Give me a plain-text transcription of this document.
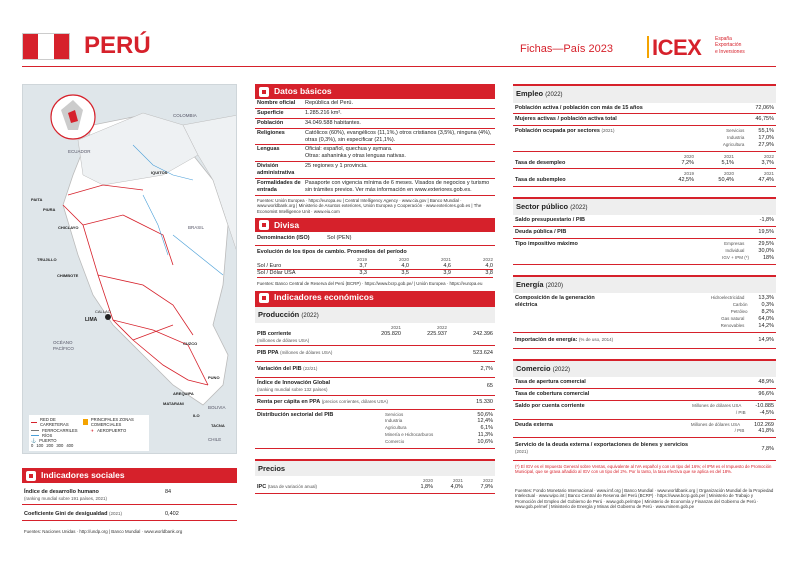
PERÚ	Fichas—País 2023 ICEX	España
Exportación
e Inversiones
COLOMBIA
ECUADOR
BRASIL
OCÉANO
PACÍFICO
BOLIVIA
CHILE
IQUITOS
PAITA
PIURA
CHICLAYO
TRUJILLO
CHIMBOTE
LIMA
CALLAO
CUZCO
AREQUIPA
PUNO
MATARANI
ILO
TACNA
RED DE CARRETERAS
PRINCIPALES ZONAS COMERCIALES
FERROCARRILES	✈ AEROPUERTO
RÍOS
⚓ PUERTO
0 100 200 300 400
Indicadores sociales
Índice de desarrollo humano
(ranking mundial sobre 191 países, 2021)
84
Coeficiente Gini de desigualdad (2021)	0,402
Fuentes: Naciones Unidas · http://undp.org | Banco Mundial · www.worldbank.org
Datos básicos
Nombre oficial	República del Perú.
Superficie	1.285.216 km².
Población	34.049.588 habitantes.
Religiones	Católicos (60%), evangélicos (11,1%,) otros cristianos (3,5%), ninguna (4%), otras (0,3%), sin especificar (21,1%).
Lenguas	Oficial: español, quechua y aymara.
Otras: ashaninka y otras lenguas nativas.
División administrativa
25 regiones y 1 provincia.
Formalidades de entrada
Pasaporte con vigencia mínima de 6 meses. Visados de negocios y turismo sin trámites previos. Ver más información en www.exteriores.gob.es.
Fuentes: Unión Europea · https://europa.eu | Central Intelligency Agency · www.cia.gov | Banco Mundial · www.worldbank.org | Ministerio de Asuntos exteriores, Unión Europea y Cooperación · www.exteriores.gob.es | The Economist Intelligence Unit · www.eiu.com
Divisa
Denominación (ISO)	Sol (PEN)
Evolución de los tipos de cambio. Promedios del período
2019	2020	2021	2022
Sol / Euro	3,7	4,0	4,6	4,0
Sol / Dólar USA	3,3	3,5	3,9	3,8
Fuentes: Banco Central de Reserva del Perú (BCRP) · https://www.bcrp.gob.pe/ | Unión Europea · https://europa.eu
Indicadores económicos
Producción (2022)
2021	2022
PIB corriente
(millones de dólares USA)
205.820	225.937	242.396
PIB PPA (millones de dólares USA)	523.624
Variación del PIB (22/21)	2,7%
Índice de Innovación Global
(ranking mundial sobre 132 países)
65
Renta per cápita en PPA (precios corrientes, dólares USA)	15.330
Distribución sectorial del PIB	Servicios	50,6%
Industria	12,4%
Agricultura	6,1%
Minería e Hidrocarburos	11,3%
Comercio	10,6%
Precios
2020	2021	2022
IPC (tasa de variación anual)	1,8%	4,0%	7,9%
Empleo (2022)
Población activa / población con más de 15 años	72,06%
Mujeres activas / población activa total	46,75%
Población ocupada por sectores (2021)	Servicios	55,1%
Industria	17,0%
Agricultura	27,9%
2020	2021	2022
Tasa de desempleo	7,2%	5,1%	3,7%
2019	2020	2021
Tasa de subempleo	42,5%	50,4%	47,4%
Sector público (2022)
Saldo presupuestario / PIB	-1,8%
Deuda pública / PIB	19,5%
Tipo impositivo máximo	Empresas	29,5%
Individual	30,0%
IGV + IPM (*)	18%
Energía (2020)
Composición de la generación eléctrica
Hidroelectricidad	13,3%
Carbón	0,3%
Petróleo	8,2%
Gas natural	64,0%
Renovables	14,2%
Importación de energía: (% de uso, 2014)	14,9%
Comercio (2022)
Tasa de apertura comercial	48,9%
Tasa de cobertura comercial	96,6%
Saldo por cuenta corriente	Millones de dólares USA	-10.885
/ PIB	-4,5%
Deuda externa	Millones de dólares USA	102.269
/ PIB	41,8%
Servicio de la deuda externa / exportaciones de bienes y servicios (2021)	7,8%
(*) El IGV es el Impuesto General sobre Ventas, equivalente al IVA español y con un tipo del 16%; el IPM es el Impuesto de Promoción Municipal, que se grava añadido al IGV con un tipo del 2%. Por lo tanto, la tasa efectiva que se aplica es del 18%.
Fuentes: Fondo Monetario Internacional · www.imf.org | Banco Mundial · www.worldbank.org | Organización Mundial de la Propiedad Intelectual · www.wipo.int | Banco Central de Reserva del Perú (BCRP) · https://www.bcrp.gob.pe/ | Ministerio de Trabajo y Promoción del Empleo del Gobierno de Perú · www.gob.pe/mtpe | Ministerio de Economía y Finanzas del Gobierno de Perú · www.gob.pe/mef | Ministerio de Energía y Minas del Gobierno de Perú · www.minem.gob.pe
